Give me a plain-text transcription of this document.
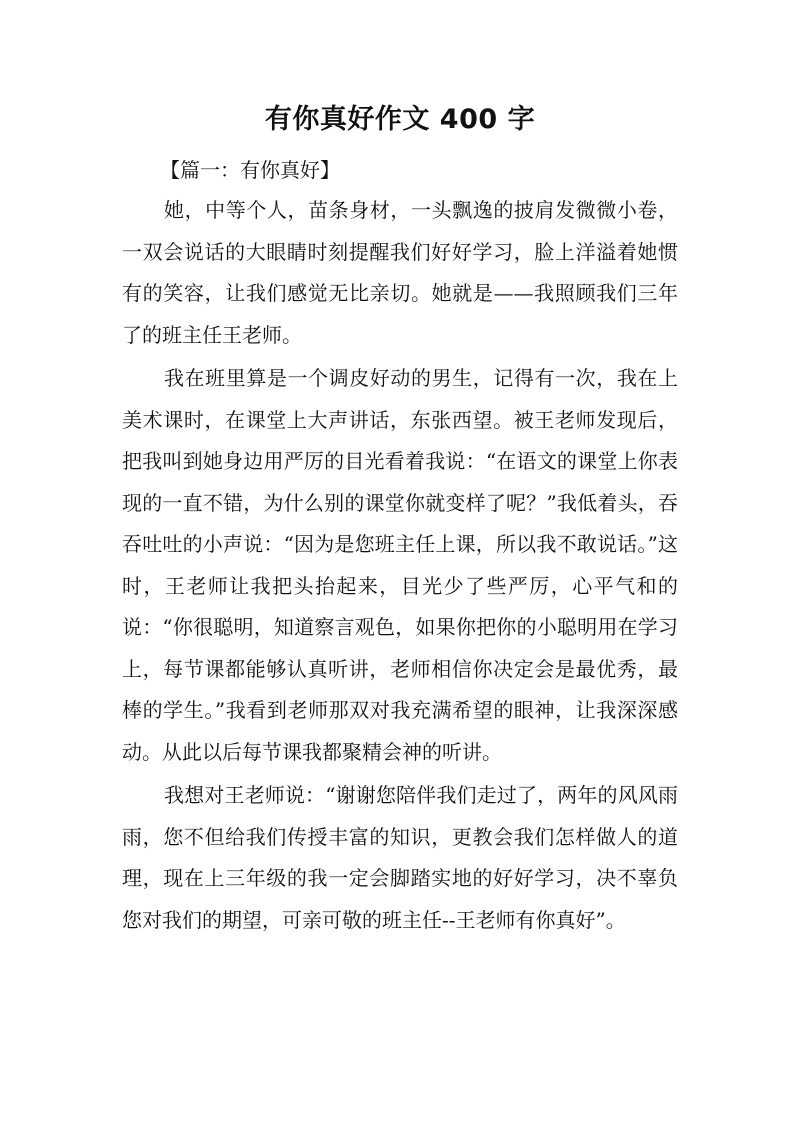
有你真好作文 400 字
【篇一：有你真好】

她，中等个人，苗条身材，一头飘逸的披肩发微微小卷，一双会说话的大眼睛时刻提醒我们好好学习，脸上洋溢着她惯有的笑容，让我们感觉无比亲切。她就是——我照顾我们三年了的班主任王老师。

我在班里算是一个调皮好动的男生，记得有一次，我在上美术课时，在课堂上大声讲话，东张西望。被王老师发现后，把我叫到她身边用严厉的目光看着我说：“在语文的课堂上你表现的一直不错，为什么别的课堂你就变样了呢？”我低着头，吞吞吐吐的小声说：“因为是您班主任上课，所以我不敢说话。”这时，王老师让我把头抬起来，目光少了些严厉，心平气和的说：“你很聪明，知道察言观色，如果你把你的小聪明用在学习上，每节课都能够认真听讲，老师相信你决定会是最优秀，最棒的学生。”我看到老师那双对我充满希望的眼神，让我深深感动。从此以后每节课我都聚精会神的听讲。

我想对王老师说：“谢谢您陪伴我们走过了，两年的风风雨雨，您不但给我们传授丰富的知识，更教会我们怎样做人的道理，现在上三年级的我一定会脚踏实地的好好学习，决不辜负您对我们的期望，可亲可敬的班主任--王老师有你真好”。
